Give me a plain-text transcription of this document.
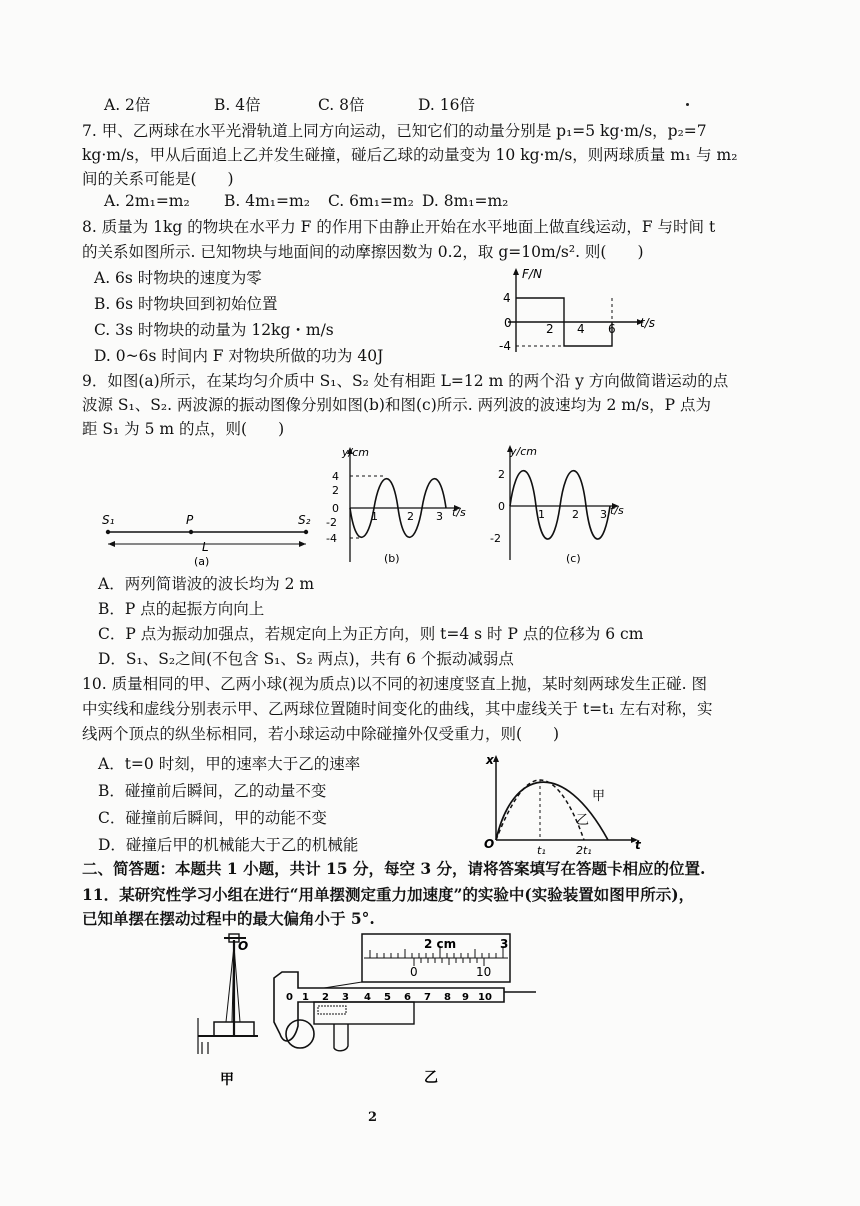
A. 2倍	B. 4倍	C. 8倍	D. 16倍
7. 甲、乙两球在水平光滑轨道上同方向运动，已知它们的动量分别是 p₁=5 kg·m/s，p₂=7
kg·m/s，甲从后面追上乙并发生碰撞，碰后乙球的动量变为 10 kg·m/s，则两球质量 m₁ 与 m₂
间的关系可能是(　　)
A. 2m₁=m₂ B. 4m₁=m₂ C. 6m₁=m₂ D. 8m₁=m₂
8. 质量为 1kg 的物块在水平力 F 的作用下由静止开始在水平地面上做直线运动，F 与时间 t
的关系如图所示. 已知物块与地面间的动摩擦因数为 0.2，取 g=10m/s². 则(　　)
A. 6s 时物块的速度为零
B. 6s 时物块回到初始位置
C. 3s 时物块的动量为 12kg・m/s
D. 0~6s 时间内 F 对物块所做的功为 40J
F/N
t/s
4
0
-4
2 4 6
9．如图(a)所示，在某均匀介质中 S₁、S₂ 处有相距 L=12 m 的两个沿 y 方向做简谐运动的点
波源 S₁、S₂. 两波源的振动图像分别如图(b)和图(c)所示. 两列波的波速均为 2 m/s，P 点为
距 S₁ 为 5 m 的点，则(　　)
S₁	P	S₂
L
(a)
y/cm
t/s
4
2
0
-2
-4
1	2 3
(b)
y/cm
t/s
2
0
-2
1 2 3
(c)
A．两列简谐波的波长均为 2 m
B．P 点的起振方向向上
C．P 点为振动加强点，若规定向上为正方向，则 t=4 s 时 P 点的位移为 6 cm
D．S₁、S₂之间(不包含 S₁、S₂ 两点)，共有 6 个振动减弱点
10. 质量相同的甲、乙两小球(视为质点)以不同的初速度竖直上抛，某时刻两球发生正碰. 图
中实线和虚线分别表示甲、乙两球位置随时间变化的曲线，其中虚线关于 t=t₁ 左右对称，实
线两个顶点的纵坐标相同，若小球运动中除碰撞外仅受重力，则(　　)
A．t=0 时刻，甲的速率大于乙的速率
B．碰撞前后瞬间，乙的动量不变
C．碰撞前后瞬间，甲的动能不变
D．碰撞后甲的机械能大于乙的机械能
x
t
O	t₁	2t₁
甲
乙
二、简答题：本题共 1 小题，共计 15 分，每空 3 分，请将答案填写在答题卡相应的位置.
11．某研究性学习小组在进行“用单摆测定重力加速度”的实验中(实验装置如图甲所示)，
已知单摆在摆动过程中的最大偏角小于 5°.
O
甲
2 cm	3
0	10
0 1 2 3 4 5 6 7 8 9 10
乙
2
